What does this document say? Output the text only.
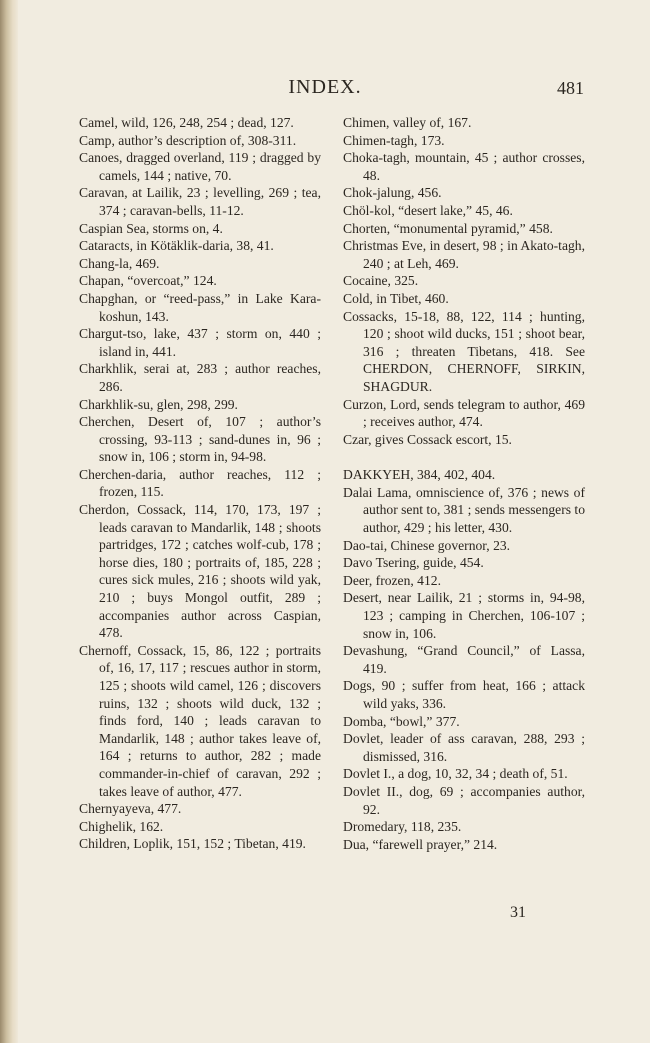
INDEX.	481

Camel, wild, 126, 248, 254 ; dead, 127.

Camp, author’s description of, 308-311.

Canoes, dragged overland, 119 ; dragged by camels, 144 ; native, 70.

Caravan, at Lailik, 23 ; levelling, 269 ; tea, 374 ; caravan-bells, 11-12.

Caspian Sea, storms on, 4.

Cataracts, in Kötäklik-daria, 38, 41.

Chang-la, 469.

Chapan, “overcoat,” 124.

Chapghan, or “reed-pass,” in Lake Kara-koshun, 143.

Chargut-tso, lake, 437 ; storm on, 440 ; island in, 441.

Charkhlik, serai at, 283 ; author reaches, 286.

Charkhlik-su, glen, 298, 299.

Cherchen, Desert of, 107 ; author’s crossing, 93-113 ; sand-dunes in, 96 ; snow in, 106 ; storm in, 94-98.

Cherchen-daria, author reaches, 112 ; frozen, 115.

Cherdon, Cossack, 114, 170, 173, 197 ; leads caravan to Mandarlik, 148 ; shoots partridges, 172 ; catches wolf-cub, 178 ; horse dies, 180 ; portraits of, 185, 228 ; cures sick mules, 216 ; shoots wild yak, 210 ; buys Mongol outfit, 289 ; accompanies author across Caspian, 478.

Chernoff, Cossack, 15, 86, 122 ; portraits of, 16, 17, 117 ; rescues author in storm, 125 ; shoots wild camel, 126 ; discovers ruins, 132 ; shoots wild duck, 132 ; finds ford, 140 ; leads caravan to Mandarlik, 148 ; author takes leave of, 164 ; returns to author, 282 ; made commander-in-chief of caravan, 292 ; takes leave of author, 477.

Chernyayeva, 477.

Chighelik, 162.

Children, Loplik, 151, 152 ; Tibetan, 419.

Chimen, valley of, 167.

Chimen-tagh, 173.

Choka-tagh, mountain, 45 ; author crosses, 48.

Chok-jalung, 456.

Chöl-kol, “desert lake,” 45, 46.

Chorten, “monumental pyramid,” 458.

Christmas Eve, in desert, 98 ; in Akato-tagh, 240 ; at Leh, 469.

Cocaine, 325.

Cold, in Tibet, 460.

Cossacks, 15-18, 88, 122, 114 ; hunting, 120 ; shoot wild ducks, 151 ; shoot bear, 316 ; threaten Tibetans, 418. See CHERDON, CHERNOFF, SIRKIN, SHAGDUR.

Curzon, Lord, sends telegram to author, 469 ; receives author, 474.

Czar, gives Cossack escort, 15.

DAKKYEH, 384, 402, 404.

Dalai Lama, omniscience of, 376 ; news of author sent to, 381 ; sends messengers to author, 429 ; his letter, 430.

Dao-tai, Chinese governor, 23.

Davo Tsering, guide, 454.

Deer, frozen, 412.

Desert, near Lailik, 21 ; storms in, 94-98, 123 ; camping in Cherchen, 106-107 ; snow in, 106.

Devashung, “Grand Council,” of Lassa, 419.

Dogs, 90 ; suffer from heat, 166 ; attack wild yaks, 336.

Domba, “bowl,” 377.

Dovlet, leader of ass caravan, 288, 293 ; dismissed, 316.

Dovlet I., a dog, 10, 32, 34 ; death of, 51.

Dovlet II., dog, 69 ; accompanies author, 92.

Dromedary, 118, 235.

Dua, “farewell prayer,” 214.

31
